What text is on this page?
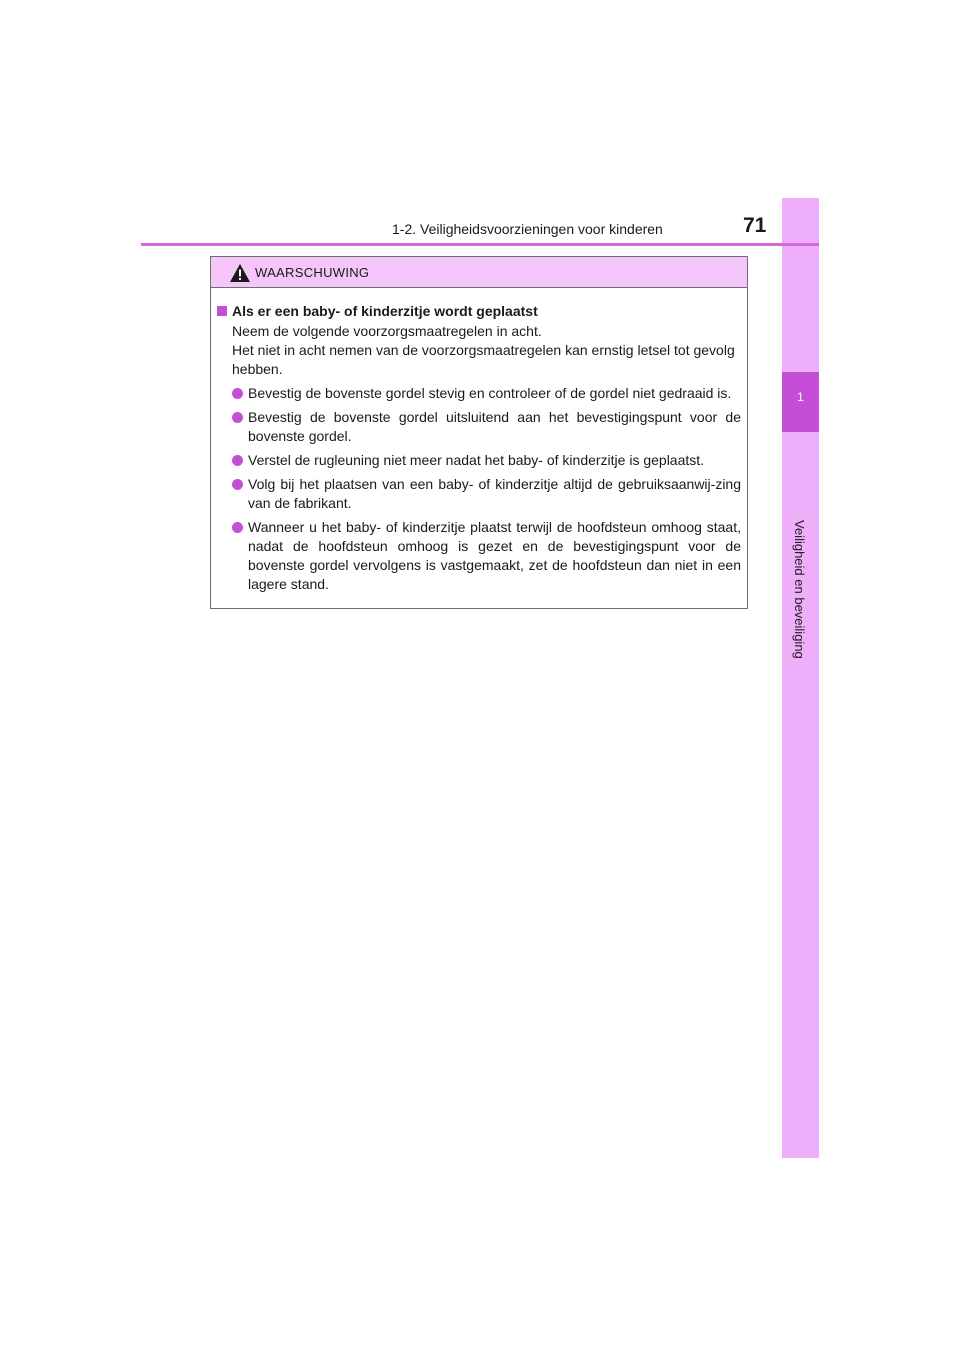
1
Veiligheid en beveiliging
1-2. Veiligheidsvoorzieningen voor kinderen	71
WAARSCHUWING
Als er een baby- of kinderzitje wordt geplaatst

Neem de volgende voorzorgsmaatregelen in acht.

Het niet in acht nemen van de voorzorgsmaatregelen kan ernstig letsel tot gevolg hebben.

Bevestig de bovenste gordel stevig en controleer of de gordel niet gedraaid is.
Bevestig de bovenste gordel uitsluitend aan het bevestigingspunt voor de bovenste gordel.
Verstel de rugleuning niet meer nadat het baby- of kinderzitje is geplaatst.
Volg bij het plaatsen van een baby- of kinderzitje altijd de gebruiksaanwij-zing van de fabrikant.
Wanneer u het baby- of kinderzitje plaatst terwijl de hoofdsteun omhoog staat, nadat de hoofdsteun omhoog is gezet en de bevestigingspunt voor de bovenste gordel vervolgens is vastgemaakt, zet de hoofdsteun dan niet in een lagere stand.
